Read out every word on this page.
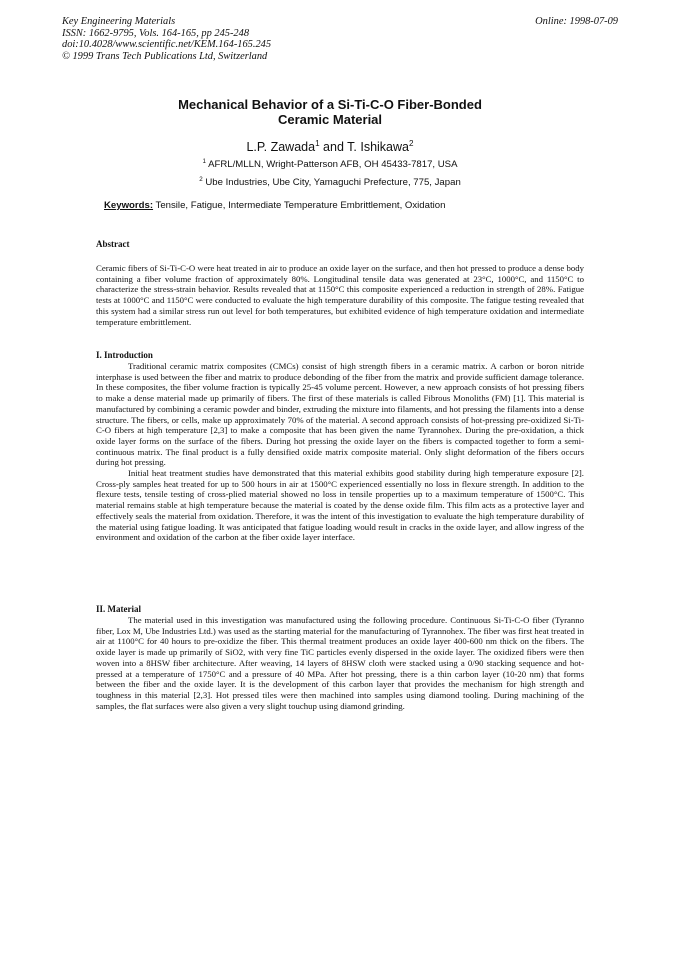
Key Engineering Materials
ISSN: 1662-9795, Vols. 164-165, pp 245-248
doi:10.4028/www.scientific.net/KEM.164-165.245
© 1999 Trans Tech Publications Ltd, Switzerland
Online: 1998-07-09
Mechanical Behavior of a Si-Ti-C-O Fiber-Bonded
Ceramic Material
L.P. Zawada$^1$ and T. Ishikawa$^2$
$^1$ AFRL/MLLN, Wright-Patterson AFB, OH 45433-7817, USA
$^2$ Ube Industries, Ube City, Yamaguchi Prefecture, 775, Japan
Keywords: Tensile, Fatigue, Intermediate Temperature Embrittlement, Oxidation
Abstract

Ceramic fibers of Si-Ti-C-O were heat treated in air to produce an oxide layer on the surface, and then hot pressed to produce a dense body containing a fiber volume fraction of approximately 80%. Longitudinal tensile data was generated at 23°C, 1000°C, and 1150°C to characterize the stress-strain behavior. Results revealed that at 1150°C this composite experienced a reduction in strength of 28%. Fatigue tests at 1000°C and 1150°C were conducted to evaluate the high temperature durability of this composite. The fatigue testing revealed that this system had a similar stress run out level for both temperatures, but exhibited evidence of high temperature oxidation and intermediate temperature embrittlement.

I. Introduction

Traditional ceramic matrix composites (CMCs) consist of high strength fibers in a ceramic matrix. A carbon or boron nitride interphase is used between the fiber and matrix to produce debonding of the fiber from the matrix and provide sufficient damage tolerance. In these composites, the fiber volume fraction is typically 25-45 volume percent. However, a new approach consists of hot pressing fibers to make a dense material made up primarily of fibers. The first of these materials is called Fibrous Monoliths (FM) [1]. This material is manufactured by combining a ceramic powder and binder, extruding the mixture into filaments, and hot pressing the filaments into a dense structure. The fibers, or cells, make up approximately 70% of the material. A second approach consists of hot-pressing pre-oxidized Si-Ti-C-O fibers at high temperature [2,3] to make a composite that has been given the name Tyrannohex. During the pre-oxidation, a thick oxide layer forms on the surface of the fibers. During hot pressing the oxide layer on the fibers is compacted together to form a semi-continuous matrix. The final product is a fully densified oxide matrix composite material. Only slight deformation of the fibers occurs during hot pressing.

Initial heat treatment studies have demonstrated that this material exhibits good stability during high temperature exposure [2]. Cross-ply samples heat treated for up to 500 hours in air at 1500°C experienced essentially no loss in flexure strength. In addition to the flexure tests, tensile testing of cross-plied material showed no loss in tensile properties up to a maximum temperature of 1500°C. This material remains stable at high temperature because the material is coated by the dense oxide film. This film acts as a protective layer and effectively seals the material from oxidation. Therefore, it was the intent of this investigation to evaluate the high temperature durability of the material using fatigue loading. It was anticipated that fatigue loading would result in cracks in the oxide layer, and allow ingress of the environment and oxidation of the carbon at the fiber oxide layer interface.

II. Material

The material used in this investigation was manufactured using the following procedure. Continuous Si-Ti-C-O fiber (Tyranno fiber, Lox M, Ube Industries Ltd.) was used as the starting material for the manufacturing of Tyrannohex. The fiber was first heat treated in air at 1100°C for 40 hours to pre-oxidize the fiber. This thermal treatment produces an oxide layer 400-600 nm thick on the fibers. The oxide layer is made up primarily of SiO2, with very fine TiC particles evenly dispersed in the oxide layer. The oxidized fibers were then woven into a 8HSW fiber architecture. After weaving, 14 layers of 8HSW cloth were stacked using a 0/90 stacking sequence and hot-pressed at a temperature of 1750°C and a pressure of 40 MPa. After hot pressing, there is a thin carbon layer (10-20 nm) that forms between the fiber and the oxide layer. It is the development of this carbon layer that provides the mechanism for high strength and toughness in this material [2,3]. Hot pressed tiles were then machined into samples using diamond tooling. During machining of the samples, the flat surfaces were also given a very slight touchup using diamond grinding.
